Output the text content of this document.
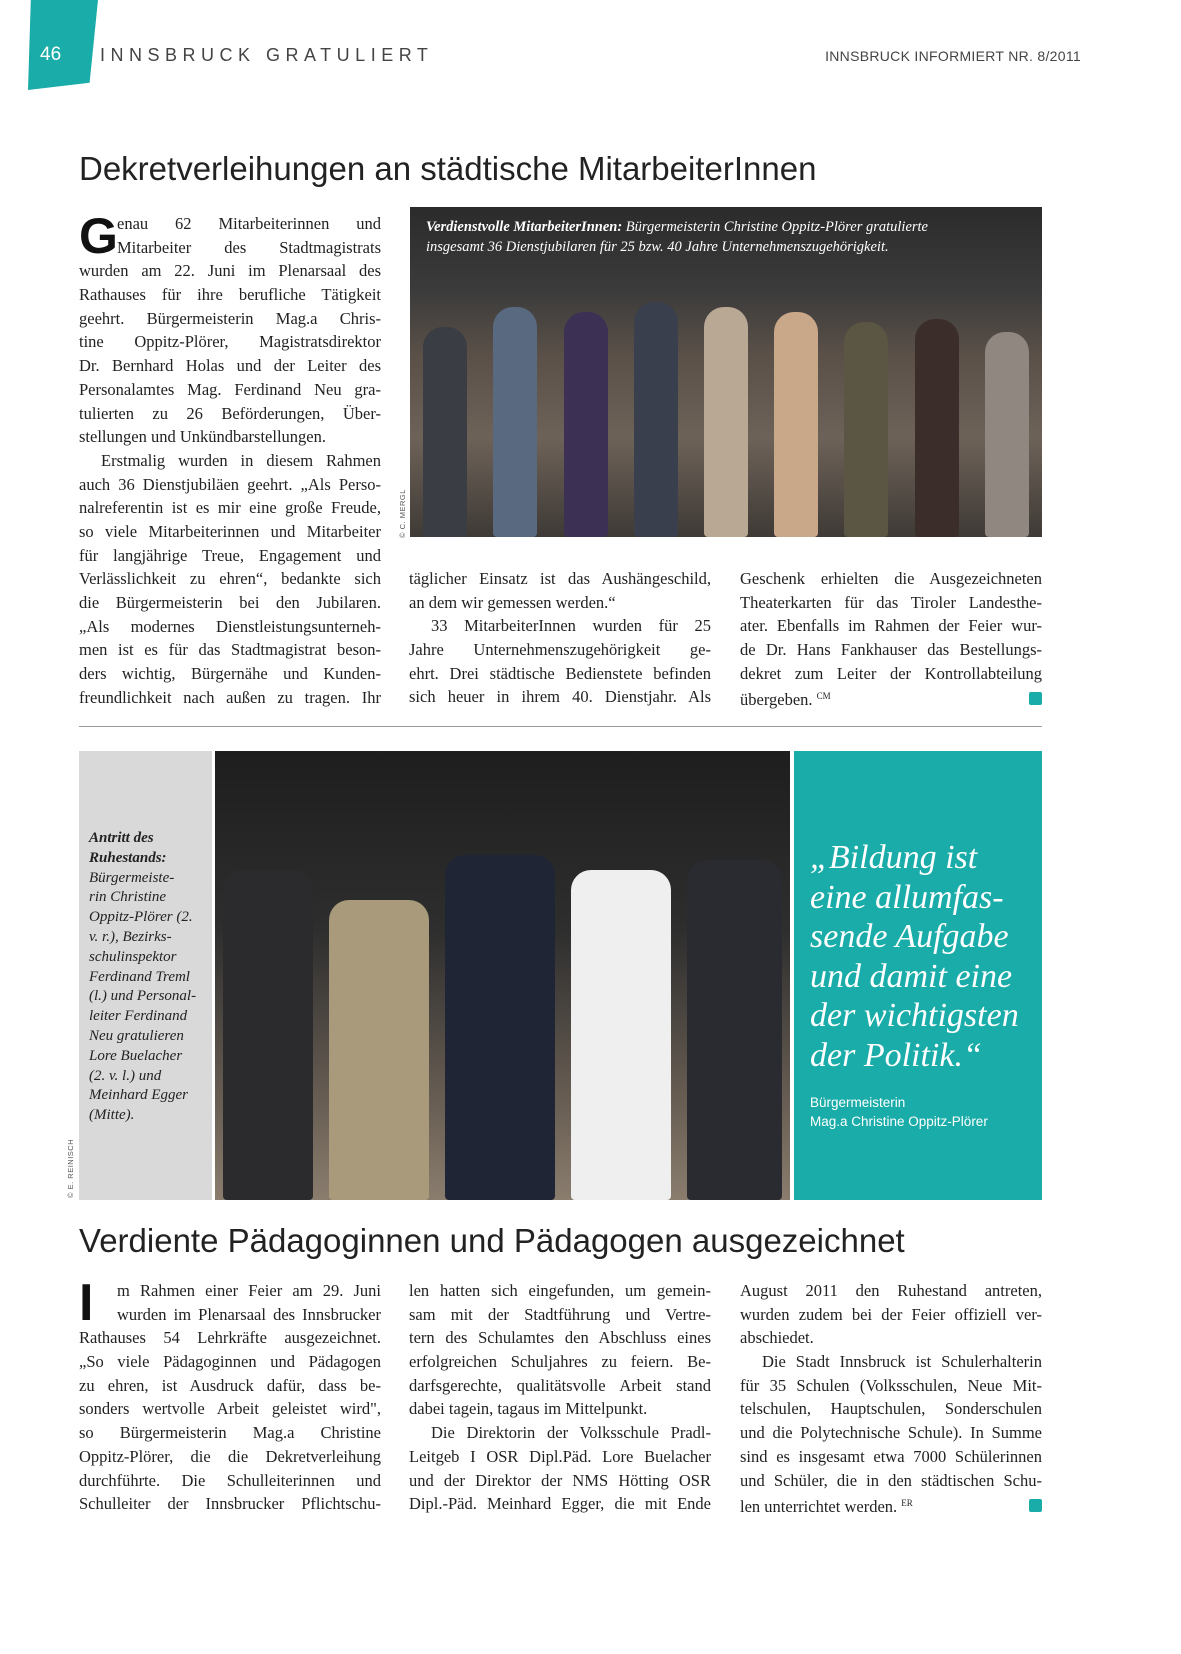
46 INNSBRUCK GRATULIERT	INNSBRUCK INFORMIERT NR. 8/2011
Dekretverleihungen an städtische MitarbeiterInnen
G enau 62 Mitarbeiterinnen und
Mitarbeiter des Stadtmagistrats
wurden am 22. Juni im Plenarsaal des
Rathauses für ihre berufliche Tätigkeit
geehrt. Bürgermeisterin Mag.a Chris-
tine Oppitz-Plörer, Magistratsdirektor
Dr. Bernhard Holas und der Leiter des
Personalamtes Mag. Ferdinand Neu gra-
tulierten zu 26 Beförderungen, Über-
stellungen und Unkündbarstellungen.
Erstmalig wurden in diesem Rahmen
auch 36 Dienstjubiläen geehrt. „Als Perso-
nalreferentin ist es mir eine große Freude,
so viele Mitarbeiterinnen und Mitarbeiter
für langjährige Treue, Engagement und
Verlässlichkeit zu ehren“, bedankte sich
die Bürgermeisterin bei den Jubilaren.
„Als modernes Dienstleistungsunterneh-
men ist es für das Stadtmagistrat beson-
ders wichtig, Bürgernähe und Kunden-
freundlichkeit nach außen zu tragen. Ihr
täglicher Einsatz ist das Aushängeschild,
an dem wir gemessen werden.“
33 MitarbeiterInnen wurden für 25
Jahre Unternehmenszugehörigkeit ge-
ehrt. Drei städtische Bedienstete befinden
sich heuer in ihrem 40. Dienstjahr. Als
Geschenk erhielten die Ausgezeichneten
Theaterkarten für das Tiroler Landesthe-
ater. Ebenfalls im Rahmen der Feier wur-
de Dr. Hans Fankhauser das Bestellungs-
dekret zum Leiter der Kontrollabteilung
übergeben. $^{CM}$
Verdienstvolle MitarbeiterInnen: Bürgermeisterin Christine Oppitz-Plörer gratulierte
insgesamt 36 Dienstjubilaren für 25 bzw. 40 Jahre Unternehmenszugehörigkeit.
© C. MERGL
Antritt des
Ruhestands:
Bürgermeiste-
rin Christine
Oppitz-Plörer (2.
v. r.), Bezirks-
schulinspektor
Ferdinand Treml
(l.) und Personal-
leiter Ferdinand
Neu gratulieren
Lore Buelacher
(2. v. l.) und
Meinhard Egger
(Mitte).
© E. REINISCH
„Bildung ist
eine allumfas-
sende Aufgabe
und damit eine
der wichtigsten
der Politik.“
Bürgermeisterin
Mag.a Christine Oppitz-Plörer
Verdiente Pädagoginnen und Pädagogen ausgezeichnet
I	m Rahmen einer Feier am 29. Juni
wurden im Plenarsaal des Innsbrucker
Rathauses 54 Lehrkräfte ausgezeichnet.
„So viele Pädagoginnen und Pädagogen
zu ehren, ist Ausdruck dafür, dass be-
sonders wertvolle Arbeit geleistet wird",
so Bürgermeisterin Mag.a Christine
Oppitz-Plörer, die die Dekretverleihung
durchführte. Die Schulleiterinnen und
Schulleiter der Innsbrucker Pflichtschu-
len hatten sich eingefunden, um gemein-
sam mit der Stadtführung und Vertre-
tern des Schulamtes den Abschluss eines
erfolgreichen Schuljahres zu feiern. Be-
darfsgerechte, qualitätsvolle Arbeit stand
dabei tagein, tagaus im Mittelpunkt.
Die Direktorin der Volksschule Pradl-
Leitgeb I OSR Dipl.Päd. Lore Buelacher
und der Direktor der NMS Hötting OSR
Dipl.-Päd. Meinhard Egger, die mit Ende
August 2011 den Ruhestand antreten,
wurden zudem bei der Feier offiziell ver-
abschiedet.
Die Stadt Innsbruck ist Schulerhalterin
für 35 Schulen (Volksschulen, Neue Mit-
telschulen, Hauptschulen, Sonderschulen
und die Polytechnische Schule). In Summe
sind es insgesamt etwa 7000 Schülerinnen
und Schüler, die in den städtischen Schu-
len unterrichtet werden. $^{ER}$
